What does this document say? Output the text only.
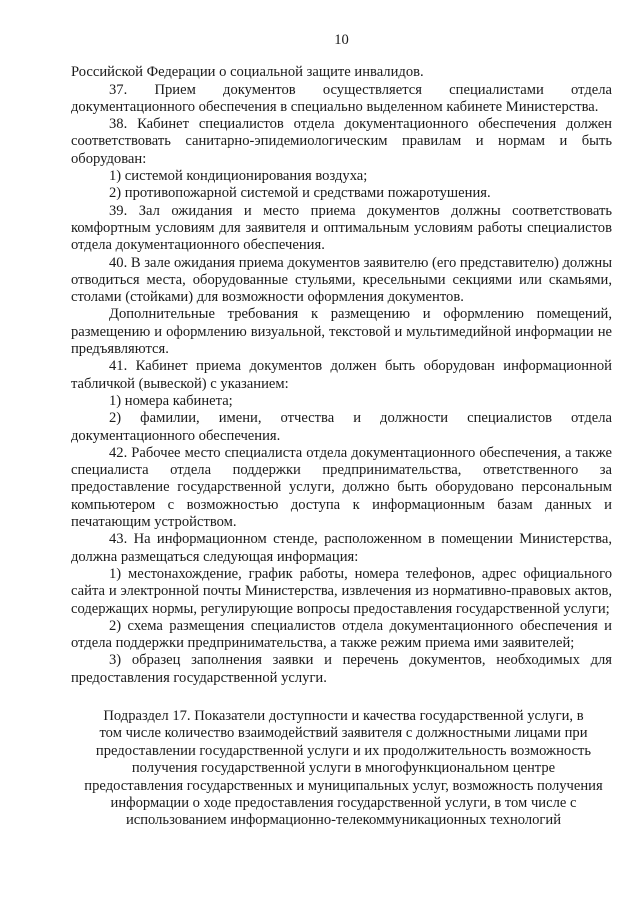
10

Российской Федерации о социальной защите инвалидов.

37. Прием документов осуществляется специалистами отдела документационного обеспечения в специально выделенном кабинете Министерства.

38. Кабинет специалистов отдела документационного обеспечения должен соответствовать санитарно-эпидемиологическим правилам и нормам и быть оборудован:

1) системой кондиционирования воздуха;

2) противопожарной системой и средствами пожаротушения.

39. Зал ожидания и место приема документов должны соответствовать комфортным условиям для заявителя и оптимальным условиям работы специалистов отдела документационного обеспечения.

40. В зале ожидания приема документов заявителю (его представителю) должны отводиться места, оборудованные стульями, кресельными секциями или скамьями, столами (стойками) для возможности оформления документов.

Дополнительные требования к размещению и оформлению помещений, размещению и оформлению визуальной, текстовой и мультимедийной информации не предъявляются.

41. Кабинет приема документов должен быть оборудован информационной табличкой (вывеской) с указанием:

1) номера кабинета;

2) фамилии, имени, отчества и должности специалистов отдела документационного обеспечения.

42. Рабочее место специалиста отдела документационного обеспечения, а также специалиста отдела поддержки предпринимательства, ответственного за предоставление государственной услуги, должно быть оборудовано персональным компьютером с возможностью доступа к информационным базам данных и печатающим устройством.

43. На информационном стенде, расположенном в помещении Министерства, должна размещаться следующая информация:

1) местонахождение, график работы, номера телефонов, адрес официального сайта и электронной почты Министерства, извлечения из нормативно-правовых актов, содержащих нормы, регулирующие вопросы предоставления государственной услуги;

2) схема размещения специалистов отдела документационного обеспечения и отдела поддержки предпринимательства, а также режим приема ими заявителей;

3) образец заполнения заявки и перечень документов, необходимых для предоставления государственной услуги.

Подраздел 17. Показатели доступности и качества государственной услуги, в
том числе количество взаимодействий заявителя с должностными лицами при
предоставлении государственной услуги и их продолжительность возможность
получения государственной услуги в многофункциональном центре
предоставления государственных и муниципальных услуг, возможность получения
информации о ходе предоставления государственной услуги, в том числе с
использованием информационно-телекоммуникационных технологий
